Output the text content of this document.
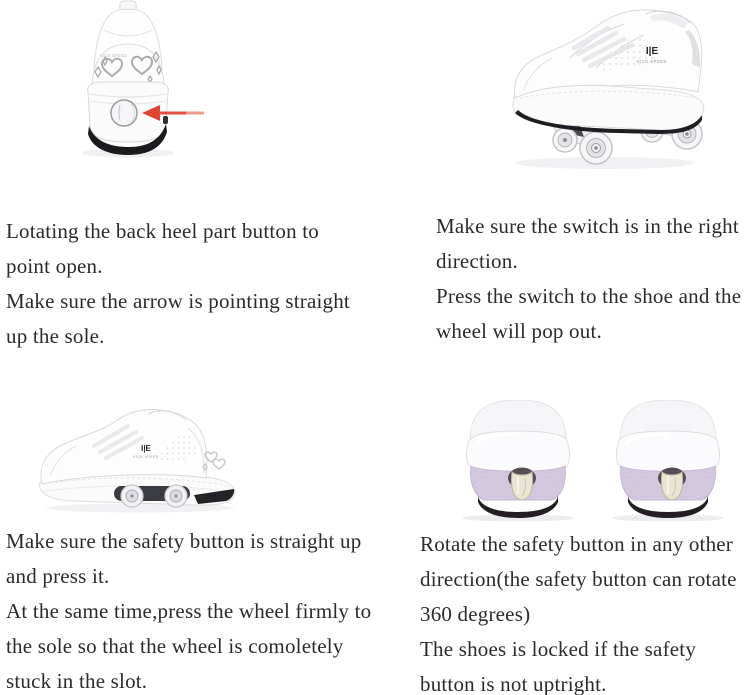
KICK SPEED	I|E
KICK SPEED
Lotating the back heel part button to
point open.
Make sure the arrow is pointing straight
up the sole.
Make sure the switch is in the right
direction.
Press the switch to the shoe and the
wheel will pop out.
I|E
KICK SPEED
Make sure the safety button is straight up
and press it.
At the same time,press the wheel firmly to
the sole so that the wheel is comoletely
stuck in the slot.
Rotate the safety button in any other
direction(the safety button can rotate
360 degrees)
The shoes is locked if the safety
button is not uptright.
